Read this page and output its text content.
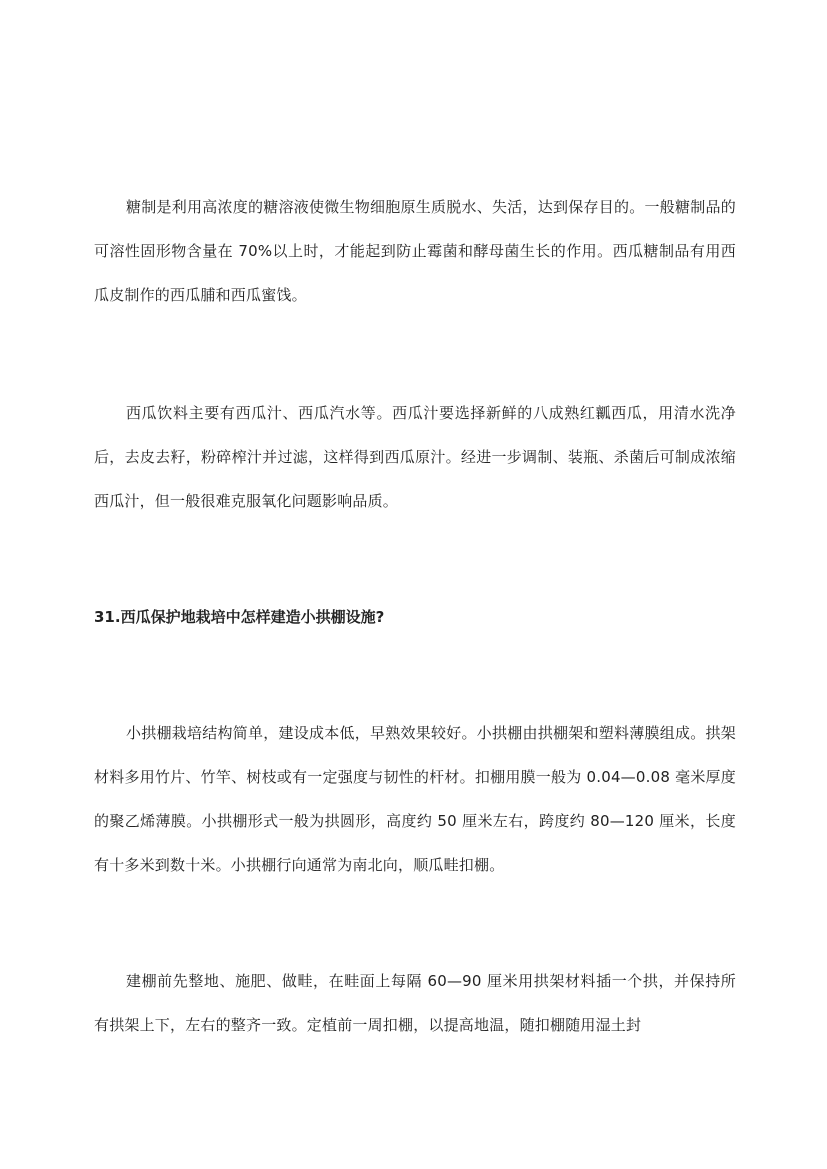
糖制是利用高浓度的糖溶液使微生物细胞原生质脱水、失活，达到保存目的。一般糖制品的可溶性固形物含量在 70%以上时，才能起到防止霉菌和酵母菌生长的作用。西瓜糖制品有用西瓜皮制作的西瓜脯和西瓜蜜饯。

西瓜饮料主要有西瓜汁、西瓜汽水等。西瓜汁要选择新鲜的八成熟红瓤西瓜，用清水洗净后，去皮去籽，粉碎榨汁并过滤，这样得到西瓜原汁。经进一步调制、装瓶、杀菌后可制成浓缩西瓜汁，但一般很难克服氧化问题影响品质。

31.西瓜保护地栽培中怎样建造小拱棚设施?

小拱棚栽培结构简单，建设成本低，早熟效果较好。小拱棚由拱棚架和塑料薄膜组成。拱架材料多用竹片、竹竿、树枝或有一定强度与韧性的杆材。扣棚用膜一般为 0.04—0.08 毫米厚度的聚乙烯薄膜。小拱棚形式一般为拱圆形，高度约 50 厘米左右，跨度约 80—120 厘米，长度有十多米到数十米。小拱棚行向通常为南北向，顺瓜畦扣棚。

建棚前先整地、施肥、做畦，在畦面上每隔 60—90 厘米用拱架材料插一个拱，并保持所有拱架上下，左右的整齐一致。定植前一周扣棚，以提高地温，随扣棚随用湿土封
